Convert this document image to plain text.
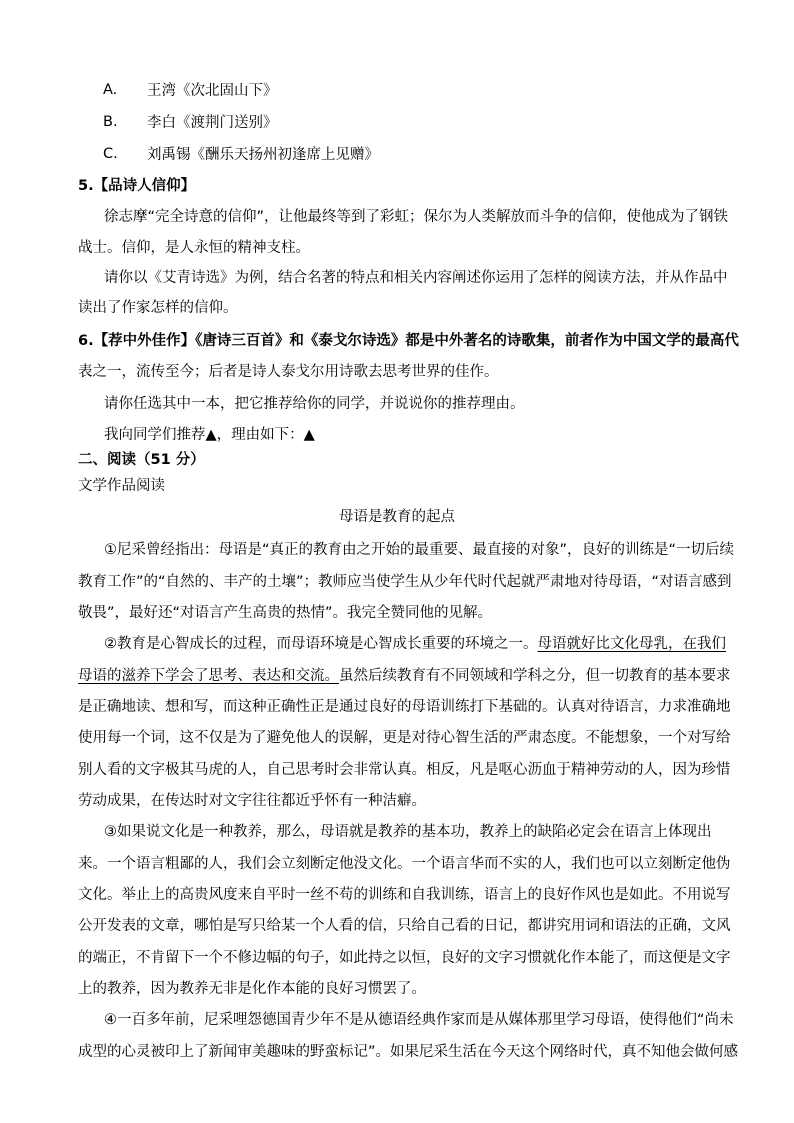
A. 王湾《次北固山下》
B. 李白《渡荆门送别》
C. 刘禹锡《酬乐天扬州初逢席上见赠》
5.【品诗人信仰】
徐志摩“完全诗意的信仰”，让他最终等到了彩虹；保尔为人类解放而斗争的信仰，使他成为了钢铁
战士。信仰，是人永恒的精神支柱。
请你以《艾青诗选》为例，结合名著的特点和相关内容阐述你运用了怎样的阅读方法，并从作品中
读出了作家怎样的信仰。
6.【荐中外佳作】《唐诗三百首》和《泰戈尔诗选》都是中外著名的诗歌集，前者作为中国文学的最高代
表之一，流传至今；后者是诗人泰戈尔用诗歌去思考世界的佳作。
请你任选其中一本，把它推荐给你的同学，并说说你的推荐理由。
我向同学们推荐▲，理由如下：▲
二、阅读（51 分）
文学作品阅读
母语是教育的起点
①尼采曾经指出：母语是“真正的教育由之开始的最重要、最直接的对象”，良好的训练是“一切后续
教育工作”的“自然的、丰产的土壤”；教师应当使学生从少年代时代起就严肃地对待母语，“对语言感到
敬畏”，最好还“对语言产生高贵的热情”。我完全赞同他的见解。
②教育是心智成长的过程，而母语环境是心智成长重要的环境之一。母语就好比文化母乳，在我们
母语的滋养下学会了思考、表达和交流。虽然后续教育有不同领域和学科之分，但一切教育的基本要求
是正确地读、想和写，而这种正确性正是通过良好的母语训练打下基础的。认真对待语言，力求准确地
使用每一个词，这不仅是为了避免他人的误解，更是对待心智生活的严肃态度。不能想象，一个对写给
别人看的文字极其马虎的人，自己思考时会非常认真。相反，凡是呕心沥血于精神劳动的人，因为珍惜
劳动成果，在传达时对文字往往都近乎怀有一种洁癖。
③如果说文化是一种教养，那么，母语就是教养的基本功，教养上的缺陷必定会在语言上体现出
来。一个语言粗鄙的人，我们会立刻断定他没文化。一个语言华而不实的人，我们也可以立刻断定他伪
文化。举止上的高贵风度来自平时一丝不苟的训练和自我训练，语言上的良好作风也是如此。不用说写
公开发表的文章，哪怕是写只给某一个人看的信，只给自己看的日记，都讲究用词和语法的正确，文风
的端正，不肯留下一个不修边幅的句子，如此持之以恒，良好的文字习惯就化作本能了，而这便是文字
上的教养，因为教养无非是化作本能的良好习惯罢了。
④一百多年前，尼采哩怨德国青少年不是从德语经典作家而是从媒体那里学习母语，使得他们“尚未
成型的心灵被印上了新闻审美趣味的野蛮标记”。如果尼采生活在今天这个网络时代，真不知他会做何感
